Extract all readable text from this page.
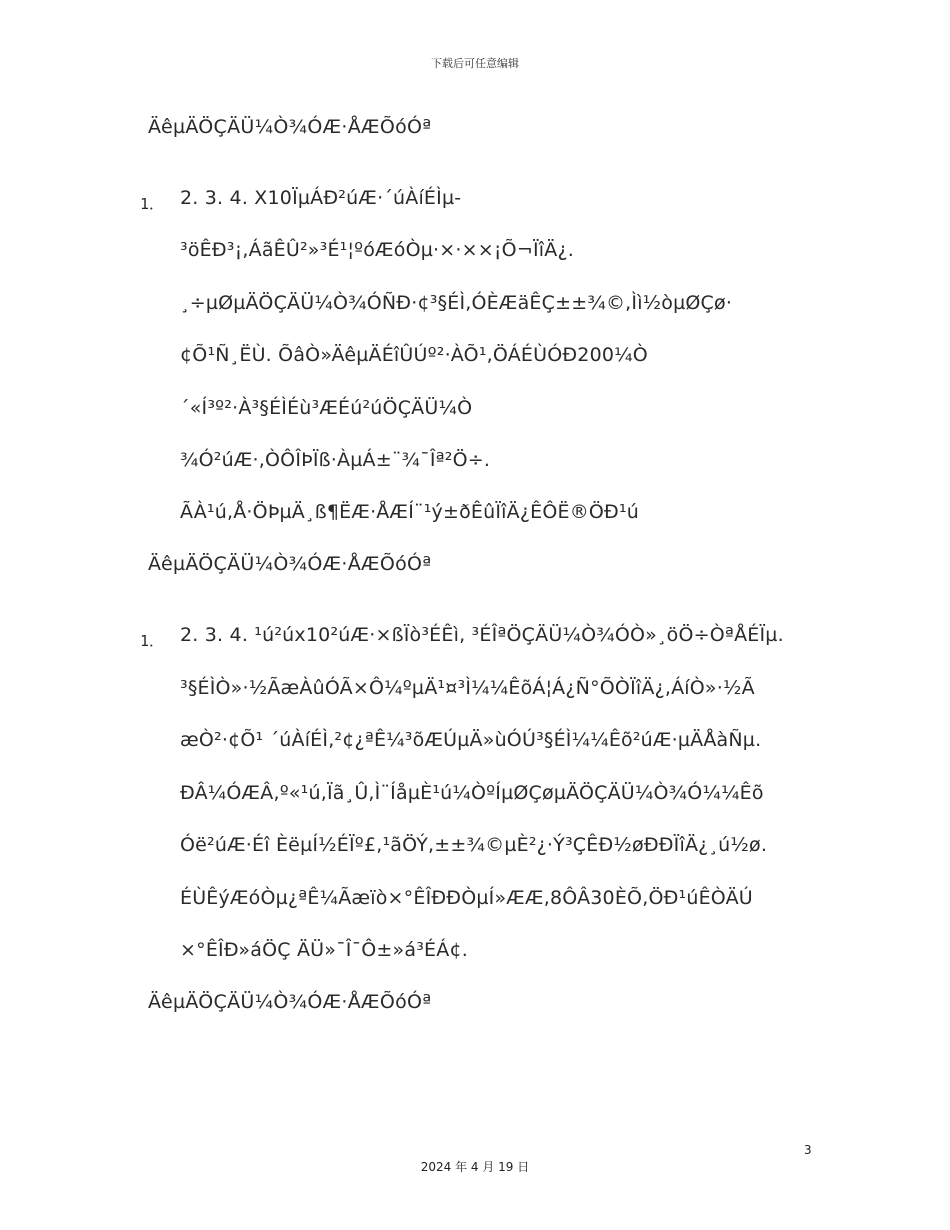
下载后可任意编辑
ÄêµÄÖÇÄÜ¼Ò¾ÓÆ·ÅÆÕóÓª
1． 2. 3. 4. X10ÏµÁÐ²úÆ·´úÀíÉÌµ-
³öÊÐ³¡,ÁãÊÛ²»³É¹¦ºóÆóÒµ·×·××¡Õ¬ÏîÄ¿.
¸÷µØµÄÖÇÄÜ¼Ò¾ÓÑÐ·¢³§ÉÌ,ÓÈÆäÊÇ±±¾©,Ìì½òµØÇø·
¢Õ¹Ñ¸ËÙ. ÕâÒ»ÄêµÄÉîÛÚº²·ÀÕ¹,ÖÁÉÙÓÐ200¼Ò
´«Í³º²·À³§ÉÌÉù³ÆÉú²úÖÇÄÜ¼Ò
¾Ó²úÆ·,ÒÔÎÞÏß·ÀµÁ±¨¾¯Îª²Ö÷.
ÃÀ¹ú,Å·ÖÞµÄ¸ß¶ËÆ·ÅÆÍ¨¹ý±ðÊûÏîÄ¿ÊÔË®ÖÐ¹ú
ÄêµÄÖÇÄÜ¼Ò¾ÓÆ·ÅÆÕóÓª
1． 2. 3. 4. ¹ú²úx10²úÆ·×ßÏò³ÉÊì, ³ÉÎªÖÇÄÜ¼Ò¾ÓÒ»¸öÖ÷ÒªÅÉÏµ.
³§ÉÌÒ»·½ÃæÀûÓÃ×Ô¼ºµÄ¹¤³Ì¼¼ÊõÁ¦Á¿Ñ°ÕÒÏîÄ¿,ÁíÒ»·½Ã
æÒ²·¢Õ¹ ´úÀíÉÌ,²¢¿ªÊ¼³õÆÚµÄ»ùÓÚ³§ÉÌ¼¼Êõ²úÆ·µÄÅàÑµ.
ÐÂ¼ÓÆÂ,º«¹ú,Ïã¸Û,Ì¨ÍåµÈ¹ú¼ÒºÍµØÇøµÄÖÇÄÜ¼Ò¾Ó¼¼Êõ
Óë²úÆ·Éî ÈëµÍ½ÉÏº£,¹ãÖÝ,±±¾©µÈ²¿·Ý³ÇÊÐ½øÐÐÏîÄ¿¸ú½ø.
ÉÙÊýÆóÒµ¿ªÊ¼Ãæïò×°ÊÎÐÐÒµÍ»ÆÆ,8ÔÂ30ÈÕ,ÖÐ¹úÊÒÄÚ
×°ÊÎÐ»áÖÇ ÄÜ»¯Î¯Ô±»á³ÉÁ¢.
ÄêµÄÖÇÄÜ¼Ò¾ÓÆ·ÅÆÕóÓª
3
2024 年 4 月 19 日
